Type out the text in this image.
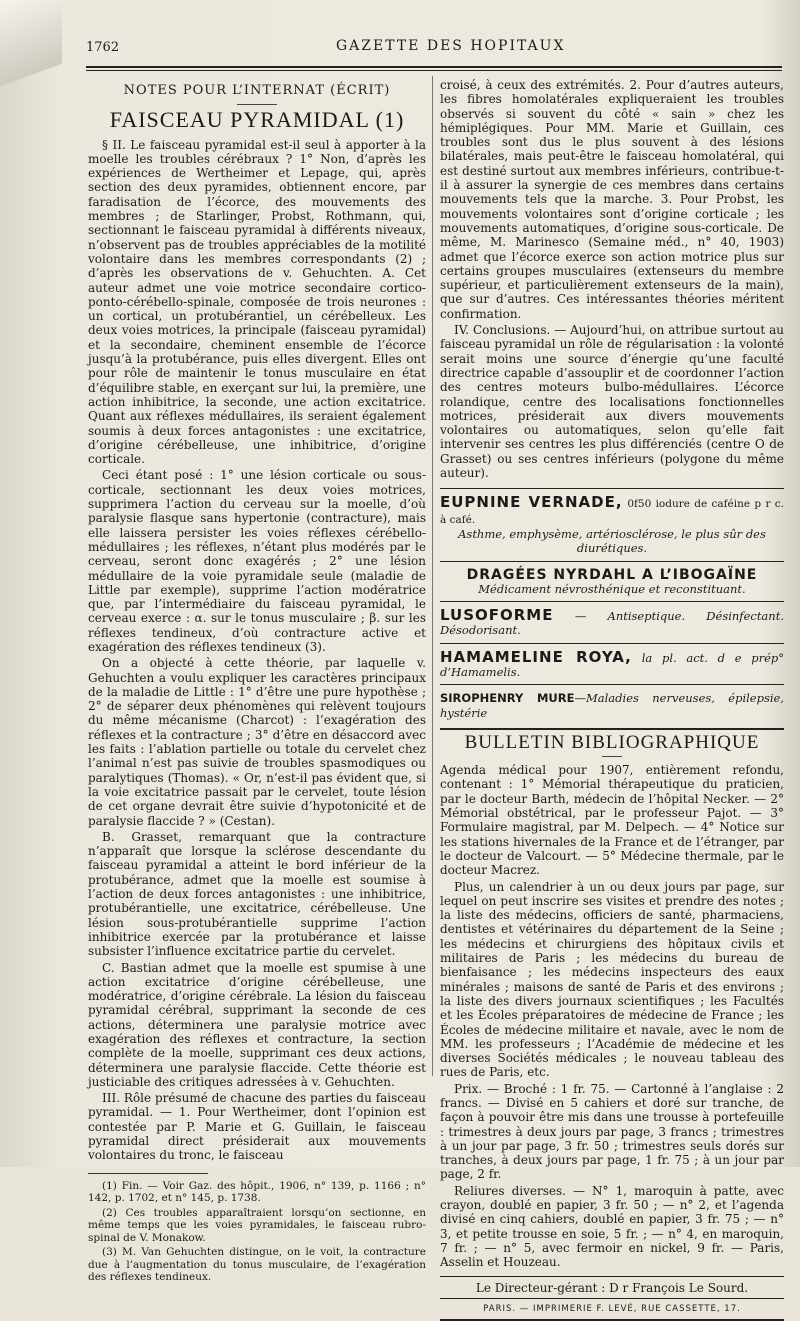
1762	GAZETTE DES HOPITAUX
NOTES POUR L’INTERNAT (ÉCRIT)
FAISCEAU PYRAMIDAL (1)

§ II. Le faisceau pyramidal est-il seul à apporter à la moelle les troubles cérébraux ? 1° Non, d’après les expériences de Wertheimer et Lepage, qui, après section des deux pyramides, obtiennent encore, par faradisation de l’écorce, des mouvements des membres ; de Starlinger, Probst, Rothmann, qui, sectionnant le faisceau pyramidal à différents niveaux, n’observent pas de troubles appréciables de la motilité volontaire dans les membres correspondants (2) ; d’après les observations de v. Gehuchten. A. Cet auteur admet une voie motrice secondaire cortico-ponto-cérébello-spinale, composée de trois neurones : un cortical, un protubérantiel, un cérébelleux. Les deux voies motrices, la principale (faisceau pyramidal) et la secondaire, cheminent ensemble de l’écorce jusqu’à la protubérance, puis elles divergent. Elles ont pour rôle de maintenir le tonus musculaire en état d’équilibre stable, en exerçant sur lui, la première, une action inhibitrice, la seconde, une action excitatrice. Quant aux réflexes médullaires, ils seraient également soumis à deux forces antagonistes : une excitatrice, d’origine cérébelleuse, une inhibitrice, d’origine corticale.

Ceci étant posé : 1° une lésion corticale ou sous-corticale, sectionnant les deux voies motrices, supprimera l’action du cerveau sur la moelle, d’où paralysie flasque sans hypertonie (contracture), mais elle laissera persister les voies réflexes cérébello-médullaires ; les réflexes, n’étant plus modérés par le cerveau, seront donc exagérés ; 2° une lésion médullaire de la voie pyramidale seule (maladie de Little par exemple), supprime l’action modératrice que, par l’intermédiaire du faisceau pyramidal, le cerveau exerce : α. sur le tonus musculaire ; β. sur les réflexes tendineux, d’où contracture active et exagération des réflexes tendineux (3).

On a objecté à cette théorie, par laquelle v. Gehuchten a voulu expliquer les caractères principaux de la maladie de Little : 1° d’être une pure hypothèse ; 2° de séparer deux phénomènes qui relèvent toujours du même mécanisme (Charcot) : l’exagération des réflexes et la contracture ; 3° d’être en désaccord avec les faits : l’ablation partielle ou totale du cervelet chez l’animal n’est pas suivie de troubles spasmodiques ou paralytiques (Thomas). « Or, n’est-il pas évident que, si la voie excitatrice passait par le cervelet, toute lésion de cet organe devrait être suivie d’hypotonicité et de paralysie flaccide ? » (Cestan).

B. Grasset, remarquant que la contracture n’apparaît que lorsque la sclérose descendante du faisceau pyramidal a atteint le bord inférieur de la protubérance, admet que la moelle est soumise à l’action de deux forces antagonistes : une inhibitrice, protubérantielle, une excitatrice, cérébelleuse. Une lésion sous-protubérantielle supprime l’action inhibitrice exercée par la protubérance et laisse subsister l’influence excitatrice partie du cervelet.

C. Bastian admet que la moelle est spumise à une action excitatrice d’origine cérébelleuse, une modératrice, d’origine cérébrale. La lésion du faisceau pyramidal cérébral, supprimant la seconde de ces actions, déterminera une paralysie motrice avec exagération des réflexes et contracture, la section complète de la moelle, supprimant ces deux actions, déterminera une paralysie flaccide. Cette théorie est justiciable des critiques adressées à v. Gehuchten.

III. Rôle présumé de chacune des parties du faisceau pyramidal. — 1. Pour Wertheimer, dont l’opinion est contestée par P. Marie et G. Guillain, le faisceau pyramidal direct présiderait aux mouvements volontaires du tronc, le faisceau

(1) Fin. — Voir Gaz. des hôpit., 1906, n° 139, p. 1166 ; n° 142, p. 1702, et n° 145, p. 1738.

(2) Ces troubles apparaîtraient lorsqu’on sectionne, en même temps que les voies pyramidales, le faisceau rubro-spinal de V. Monakow.

(3) M. Van Gehuchten distingue, on le voit, la contracture due à l’augmentation du tonus musculaire, de l’exagération des réflexes tendineux.

croisé, à ceux des extrémités. 2. Pour d’autres auteurs, les fibres homolatérales expliqueraient les troubles observés si souvent du côté « sain » chez les hémiplégiques. Pour MM. Marie et Guillain, ces troubles sont dus le plus souvent à des lésions bilatérales, mais peut-être le faisceau homolatéral, qui est destiné surtout aux membres inférieurs, contribue-t-il à assurer la synergie de ces membres dans certains mouvements tels que la marche. 3. Pour Probst, les mouvements volontaires sont d’origine corticale ; les mouvements automatiques, d’origine sous-corticale. De même, M. Marinesco (Semaine méd., n° 40, 1903) admet que l’écorce exerce son action motrice plus sur certains groupes musculaires (extenseurs du membre supérieur, et particulièrement extenseurs de la main), que sur d’autres. Ces intéressantes théories méritent confirmation.

IV. Conclusions. — Aujourd’hui, on attribue surtout au faisceau pyramidal un rôle de régularisation : la volonté serait moins une source d’énergie qu’une faculté directrice capable d’assouplir et de coordonner l’action des centres moteurs bulbo-médullaires. L’écorce rolandique, centre des localisations fonctionnelles motrices, présiderait aux divers mouvements volontaires ou automatiques, selon qu’elle fait intervenir ses centres les plus différenciés (centre O de Grasset) ou ses centres inférieurs (polygone du même auteur).

EUPNINE VERNADE, 0f50 iodure de caféine p r c. à café.
Asthme, emphysème, artériosclérose, le plus sûr des diurétiques.
DRAGÉES NYRDAHL A L’IBOGAÏNE
Médicament névrosthénique et reconstituant.
LUSOFORME — Antiseptique. Désinfectant. Désodorisant.
HAMAMELINE ROYA, la pl. act. d e prép° d’Hamamelis.
SIROPHENRY MURE—Maladies nerveuses, épilepsie, hystérie
BULLETIN BIBLIOGRAPHIQUE

Agenda médical pour 1907, entièrement refondu, contenant : 1° Mémorial thérapeutique du praticien, par le docteur Barth, médecin de l’hôpital Necker. — 2° Mémorial obstétrical, par le professeur Pajot. — 3° Formulaire magistral, par M. Delpech. — 4° Notice sur les stations hivernales de la France et de l’étranger, par le docteur de Valcourt. — 5° Médecine thermale, par le docteur Macrez.

Plus, un calendrier à un ou deux jours par page, sur lequel on peut inscrire ses visites et prendre des notes ; la liste des médecins, officiers de santé, pharmaciens, dentistes et vétérinaires du département de la Seine ; les médecins et chirurgiens des hôpitaux civils et militaires de Paris ; les médecins du bureau de bienfaisance ; les médecins inspecteurs des eaux minérales ; maisons de santé de Paris et des environs ; la liste des divers journaux scientifiques ; les Facultés et les Écoles préparatoires de médecine de France ; les Écoles de médecine militaire et navale, avec le nom de MM. les professeurs ; l’Académie de médecine et les diverses Sociétés médicales ; le nouveau tableau des rues de Paris, etc.

Prix. — Broché : 1 fr. 75. — Cartonné à l’anglaise : 2 francs. — Divisé en 5 cahiers et doré sur tranche, de façon à pouvoir être mis dans une trousse à portefeuille : trimestres à deux jours par page, 3 francs ; trimestres à un jour par page, 3 fr. 50 ; trimestres seuls dorés sur tranches, à deux jours par page, 1 fr. 75 ; à un jour par page, 2 fr.

Reliures diverses. — N° 1, maroquin à patte, avec crayon, doublé en papier, 3 fr. 50 ; — n° 2, et l’agenda divisé en cinq cahiers, doublé en papier, 3 fr. 75 ; — n° 3, et petite trousse en soie, 5 fr. ; — n° 4, en maroquin, 7 fr. ; — n° 5, avec fermoir en nickel, 9 fr. — Paris, Asselin et Houzeau.

Le Directeur-gérant : D r François Le Sourd.
PARIS. — IMPRIMERIE F. LEVÉ, RUE CASSETTE, 17.
